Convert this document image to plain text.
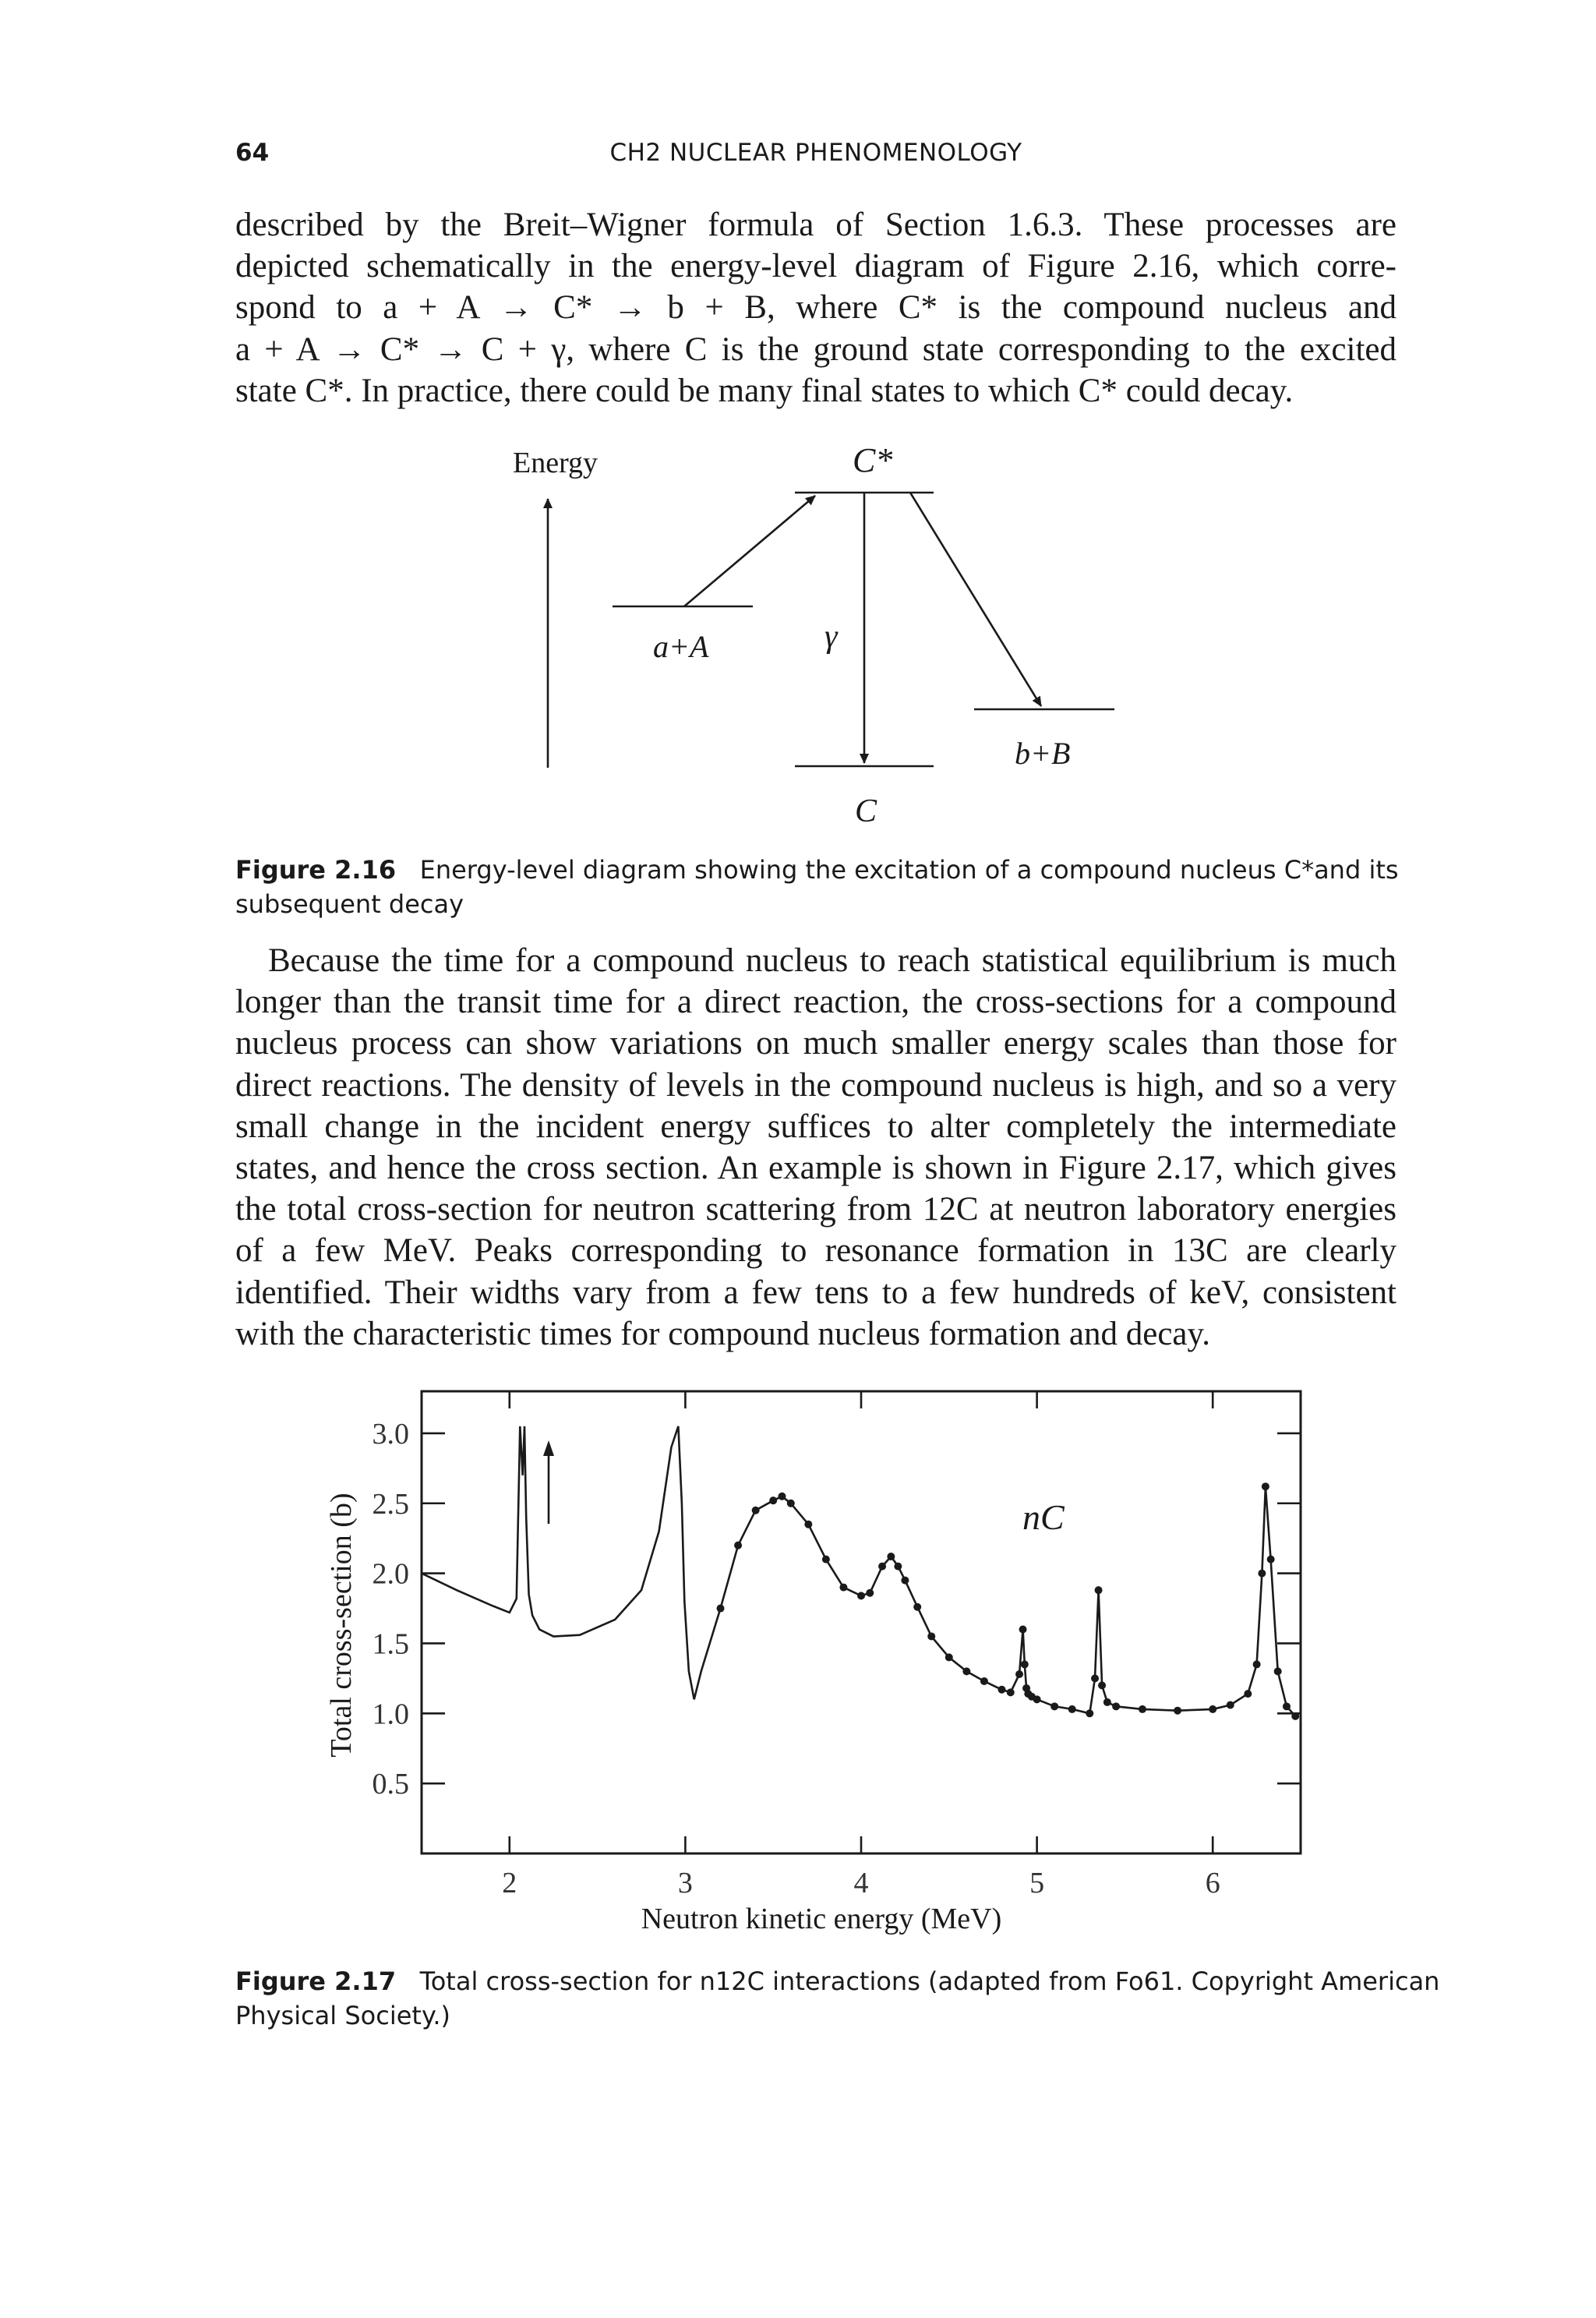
64	CH2 NUCLEAR PHENOMENOLOGY
described by the Breit–Wigner formula of Section 1.6.3. These processes are
depicted schematically in the energy-level diagram of Figure 2.16, which corre-
spond to a + A → C* → b + B, where C* is the compound nucleus and
a + A → C* → C + γ, where C is the ground state corresponding to the excited
state C*. In practice, there could be many final states to which C* could decay.
Energy	C*
a+A	γ
b+B
C
Figure 2.16 Energy-level diagram showing the excitation of a compound nucleus C*and its
subsequent decay
Because the time for a compound nucleus to reach statistical equilibrium is much
longer than the transit time for a direct reaction, the cross-sections for a compound
nucleus process can show variations on much smaller energy scales than those for
direct reactions. The density of levels in the compound nucleus is high, and so a very
small change in the incident energy suffices to alter completely the intermediate
states, and hence the cross section. An example is shown in Figure 2.17, which gives
the total cross-section for neutron scattering from 12C at neutron laboratory energies
of a few MeV. Peaks corresponding to resonance formation in 13C are clearly
identified. Their widths vary from a few tens to a few hundreds of keV, consistent
with the characteristic times for compound nucleus formation and decay.
2	3	4	5	6
0.5
1.0
1.5
2.0
2.5
3.0
nC
Neutron kinetic energy (MeV)
Total cross-section (b)
Figure 2.17 Total cross-section for n12C interactions (adapted from Fo61. Copyright American
Physical Society.)
